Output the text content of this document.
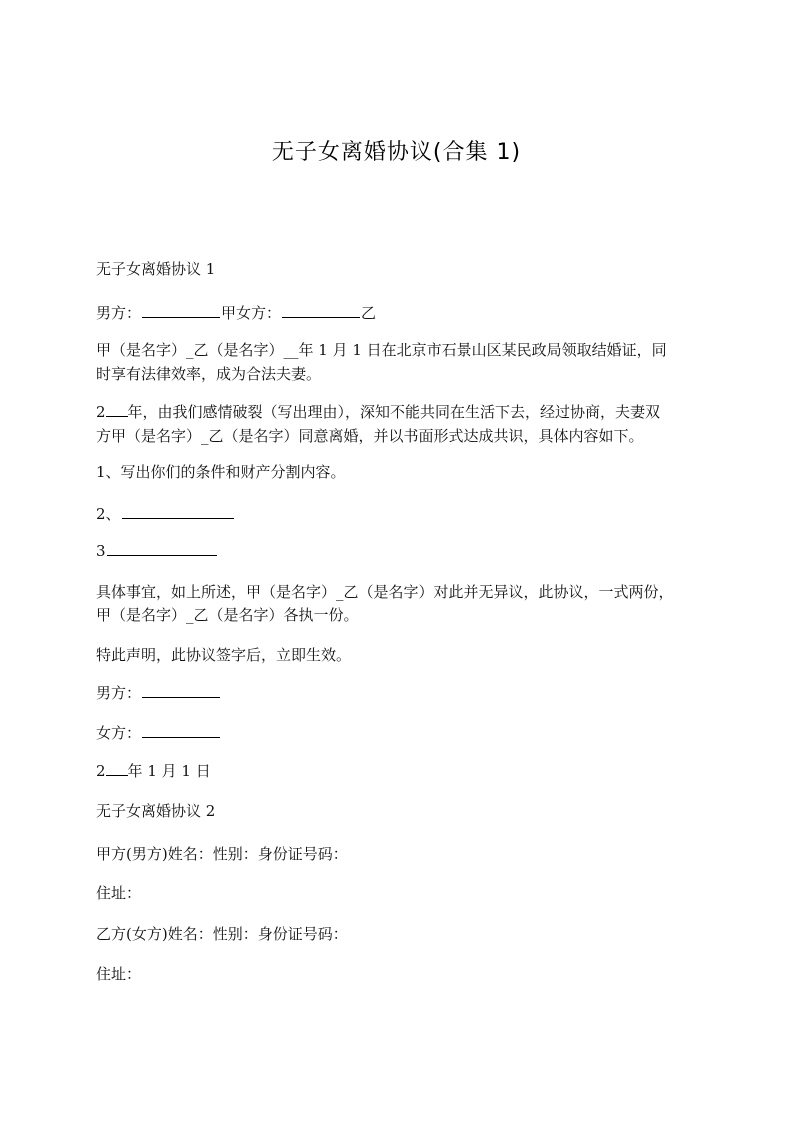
无子女离婚协议(合集 1)
无子女离婚协议 1
男方：	甲女方：	乙
甲（是名字）_乙（是名字）__年 1 月 1 日在北京市石景山区某民政局领取结婚证，同
时享有法律效率，成为合法夫妻。
2 年，由我们感情破裂（写出理由），深知不能共同在生活下去，经过协商，夫妻双
方甲（是名字）_乙（是名字）同意离婚，并以书面形式达成共识，具体内容如下。
1、写出你们的条件和财产分割内容。
2、
3
具体事宜，如上所述，甲（是名字）_乙（是名字）对此并无异议，此协议，一式两份，
甲（是名字）_乙（是名字）各执一份。
特此声明，此协议签字后，立即生效。
男方：
女方：
2 年 1 月 1 日
无子女离婚协议 2
甲方(男方)姓名：性别：身份证号码：
住址：
乙方(女方)姓名：性别：身份证号码：
住址：
